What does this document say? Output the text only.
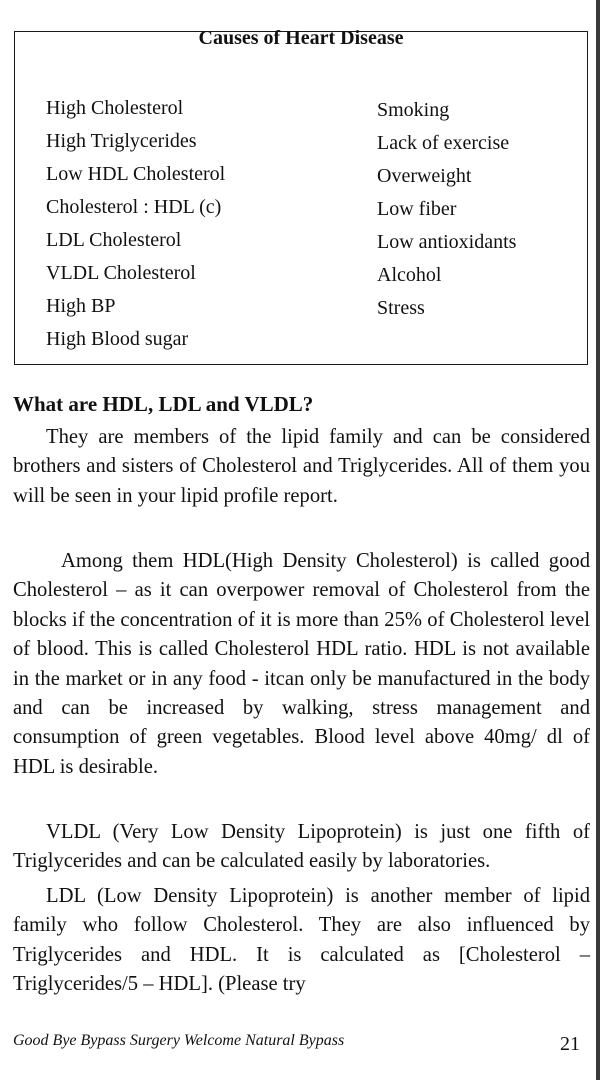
Causes of Heart Disease
High Cholesterol
High Triglycerides
Low HDL Cholesterol
Cholesterol : HDL (c)
LDL Cholesterol
VLDL Cholesterol
High BP
High Blood sugar
Smoking
Lack of exercise
Overweight
Low fiber
Low antioxidants
Alcohol
Stress
What are HDL, LDL and VLDL?

They are members of the lipid family and can be considered brothers and sisters of Cholesterol and Triglycerides. All of them you will be seen in your lipid profile report.

Among them HDL(High Density Cholesterol) is called good Cholesterol – as it can overpower removal of Cholesterol from the blocks if the concentration of it is more than 25% of Cholesterol level of blood. This is called Cholesterol HDL ratio. HDL is not available in the market or in any food - itcan only be manufactured in the body and can be increased by walking, stress management and consumption of green vegetables. Blood level above 40mg/ dl of HDL is desirable.

VLDL (Very Low Density Lipoprotein) is just one fifth of Triglycerides and can be calculated easily by laboratories.

LDL (Low Density Lipoprotein) is another member of lipid family who follow Cholesterol. They are also influenced by Triglycerides and HDL. It is calculated as [Cholesterol – Triglycerides/5 – HDL]. (Please try

Good Bye Bypass Surgery Welcome Natural Bypass	21
